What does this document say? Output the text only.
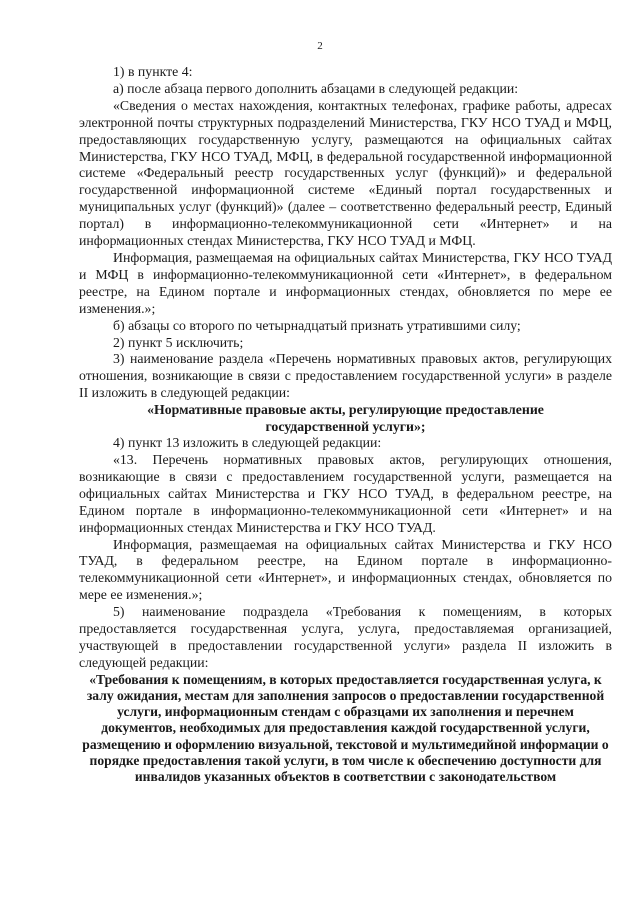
2

1) в пункте 4:

а) после абзаца первого дополнить абзацами в следующей редакции:

«Сведения о местах нахождения, контактных телефонах, графике работы, адресах электронной почты структурных подразделений Министерства, ГКУ НСО ТУАД и МФЦ, предоставляющих государственную услугу, размещаются на официальных сайтах Министерства, ГКУ НСО ТУАД, МФЦ, в федеральной государственной информационной системе «Федеральный реестр государственных услуг (функций)» и федеральной государственной информационной системе «Единый портал государственных и муниципальных услуг (функций)» (далее – соответственно федеральный реестр, Единый портал) в информационно-телекоммуникационной сети «Интернет» и на информационных стендах Министерства, ГКУ НСО ТУАД и МФЦ.

Информация, размещаемая на официальных сайтах Министерства, ГКУ НСО ТУАД и МФЦ в информационно-телекоммуникационной сети «Интернет», в федеральном реестре, на Едином портале и информационных стендах, обновляется по мере ее изменения.»;

б) абзацы со второго по четырнадцатый признать утратившими силу;

2) пункт 5 исключить;

3) наименование раздела «Перечень нормативных правовых актов, регулирующих отношения, возникающие в связи с предоставлением государственной услуги» в разделе II изложить в следующей редакции:

«Нормативные правовые акты, регулирующие предоставление государственной услуги»;

4) пункт 13 изложить в следующей редакции:

«13. Перечень нормативных правовых актов, регулирующих отношения, возникающие в связи с предоставлением государственной услуги, размещается на официальных сайтах Министерства и ГКУ НСО ТУАД, в федеральном реестре, на Едином портале в информационно-телекоммуникационной сети «Интернет» и на информационных стендах Министерства и ГКУ НСО ТУАД.

Информация, размещаемая на официальных сайтах Министерства и ГКУ НСО ТУАД, в федеральном реестре, на Едином портале в информационно-телекоммуникационной сети «Интернет», и информационных стендах, обновляется по мере ее изменения.»;

5) наименование подраздела «Требования к помещениям, в которых предоставляется государственная услуга, услуга, предоставляемая организацией, участвующей в предоставлении государственной услуги» раздела II изложить в следующей редакции:

«Требования к помещениям, в которых предоставляется государственная услуга, к залу ожидания, местам для заполнения запросов о предоставлении государственной услуги, информационным стендам с образцами их заполнения и перечнем документов, необходимых для предоставления каждой государственной услуги, размещению и оформлению визуальной, текстовой и мультимедийной информации о порядке предоставления такой услуги, в том числе к обеспечению доступности для инвалидов указанных объектов в соответствии с законодательством
